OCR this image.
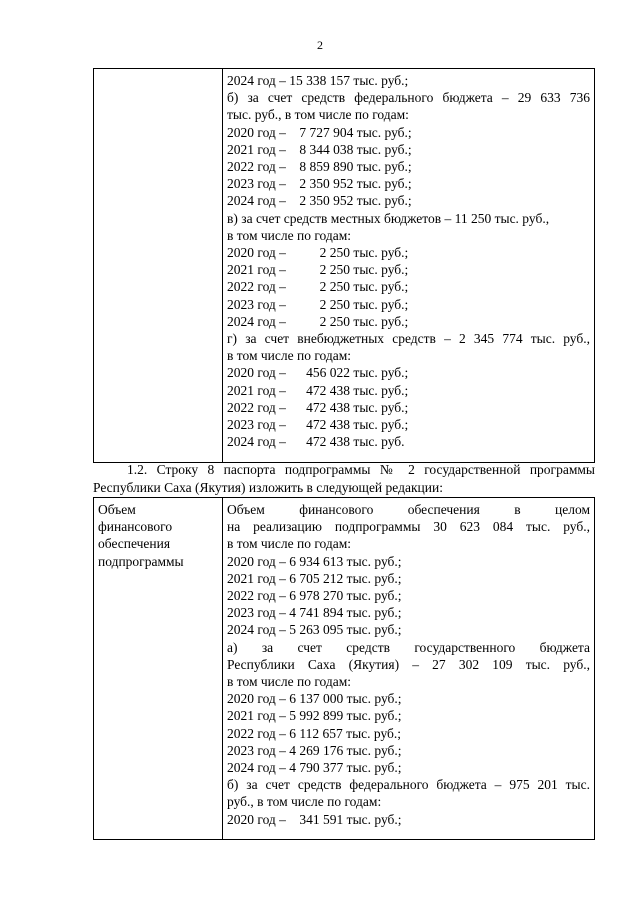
2

2024 год – 15 338 157 тыс. руб.;
б) за счет средств федерального бюджета – 29 633 736
тыс. руб., в том числе по годам:
2020 год –    7 727 904 тыс. руб.;
2021 год –    8 344 038 тыс. руб.;
2022 год –    8 859 890 тыс. руб.;
2023 год –    2 350 952 тыс. руб.;
2024 год –    2 350 952 тыс. руб.;
в) за счет средств местных бюджетов – 11 250 тыс. руб.,
в том числе по годам:
2020 год –          2 250 тыс. руб.;
2021 год –          2 250 тыс. руб.;
2022 год –          2 250 тыс. руб.;
2023 год –          2 250 тыс. руб.;
2024 год –          2 250 тыс. руб.;
г) за счет внебюджетных средств – 2 345 774 тыс. руб.,
в том числе по годам:
2020 год –      456 022 тыс. руб.;
2021 год –      472 438 тыс. руб.;
2022 год –      472 438 тыс. руб.;
2023 год –      472 438 тыс. руб.;
2024 год –      472 438 тыс. руб.
1.2. Строку 8 паспорта подпрограммы № 2 государственной программы
Республики Саха (Якутия) изложить в следующей редакции:
Объем
финансового
обеспечения
подпрограммы

Объем финансового обеспечения в целом
на реализацию подпрограммы 30 623 084 тыс. руб.,
в том числе по годам:
2020 год – 6 934 613 тыс. руб.;
2021 год – 6 705 212 тыс. руб.;
2022 год – 6 978 270 тыс. руб.;
2023 год – 4 741 894 тыс. руб.;
2024 год – 5 263 095 тыс. руб.;
а) за счет средств государственного бюджета
Республики Саха (Якутия) – 27 302 109 тыс. руб.,
в том числе по годам:
2020 год – 6 137 000 тыс. руб.;
2021 год – 5 992 899 тыс. руб.;
2022 год – 6 112 657 тыс. руб.;
2023 год – 4 269 176 тыс. руб.;
2024 год – 4 790 377 тыс. руб.;
б) за счет средств федерального бюджета – 975 201 тыс.
руб., в том числе по годам:
2020 год –    341 591 тыс. руб.;
